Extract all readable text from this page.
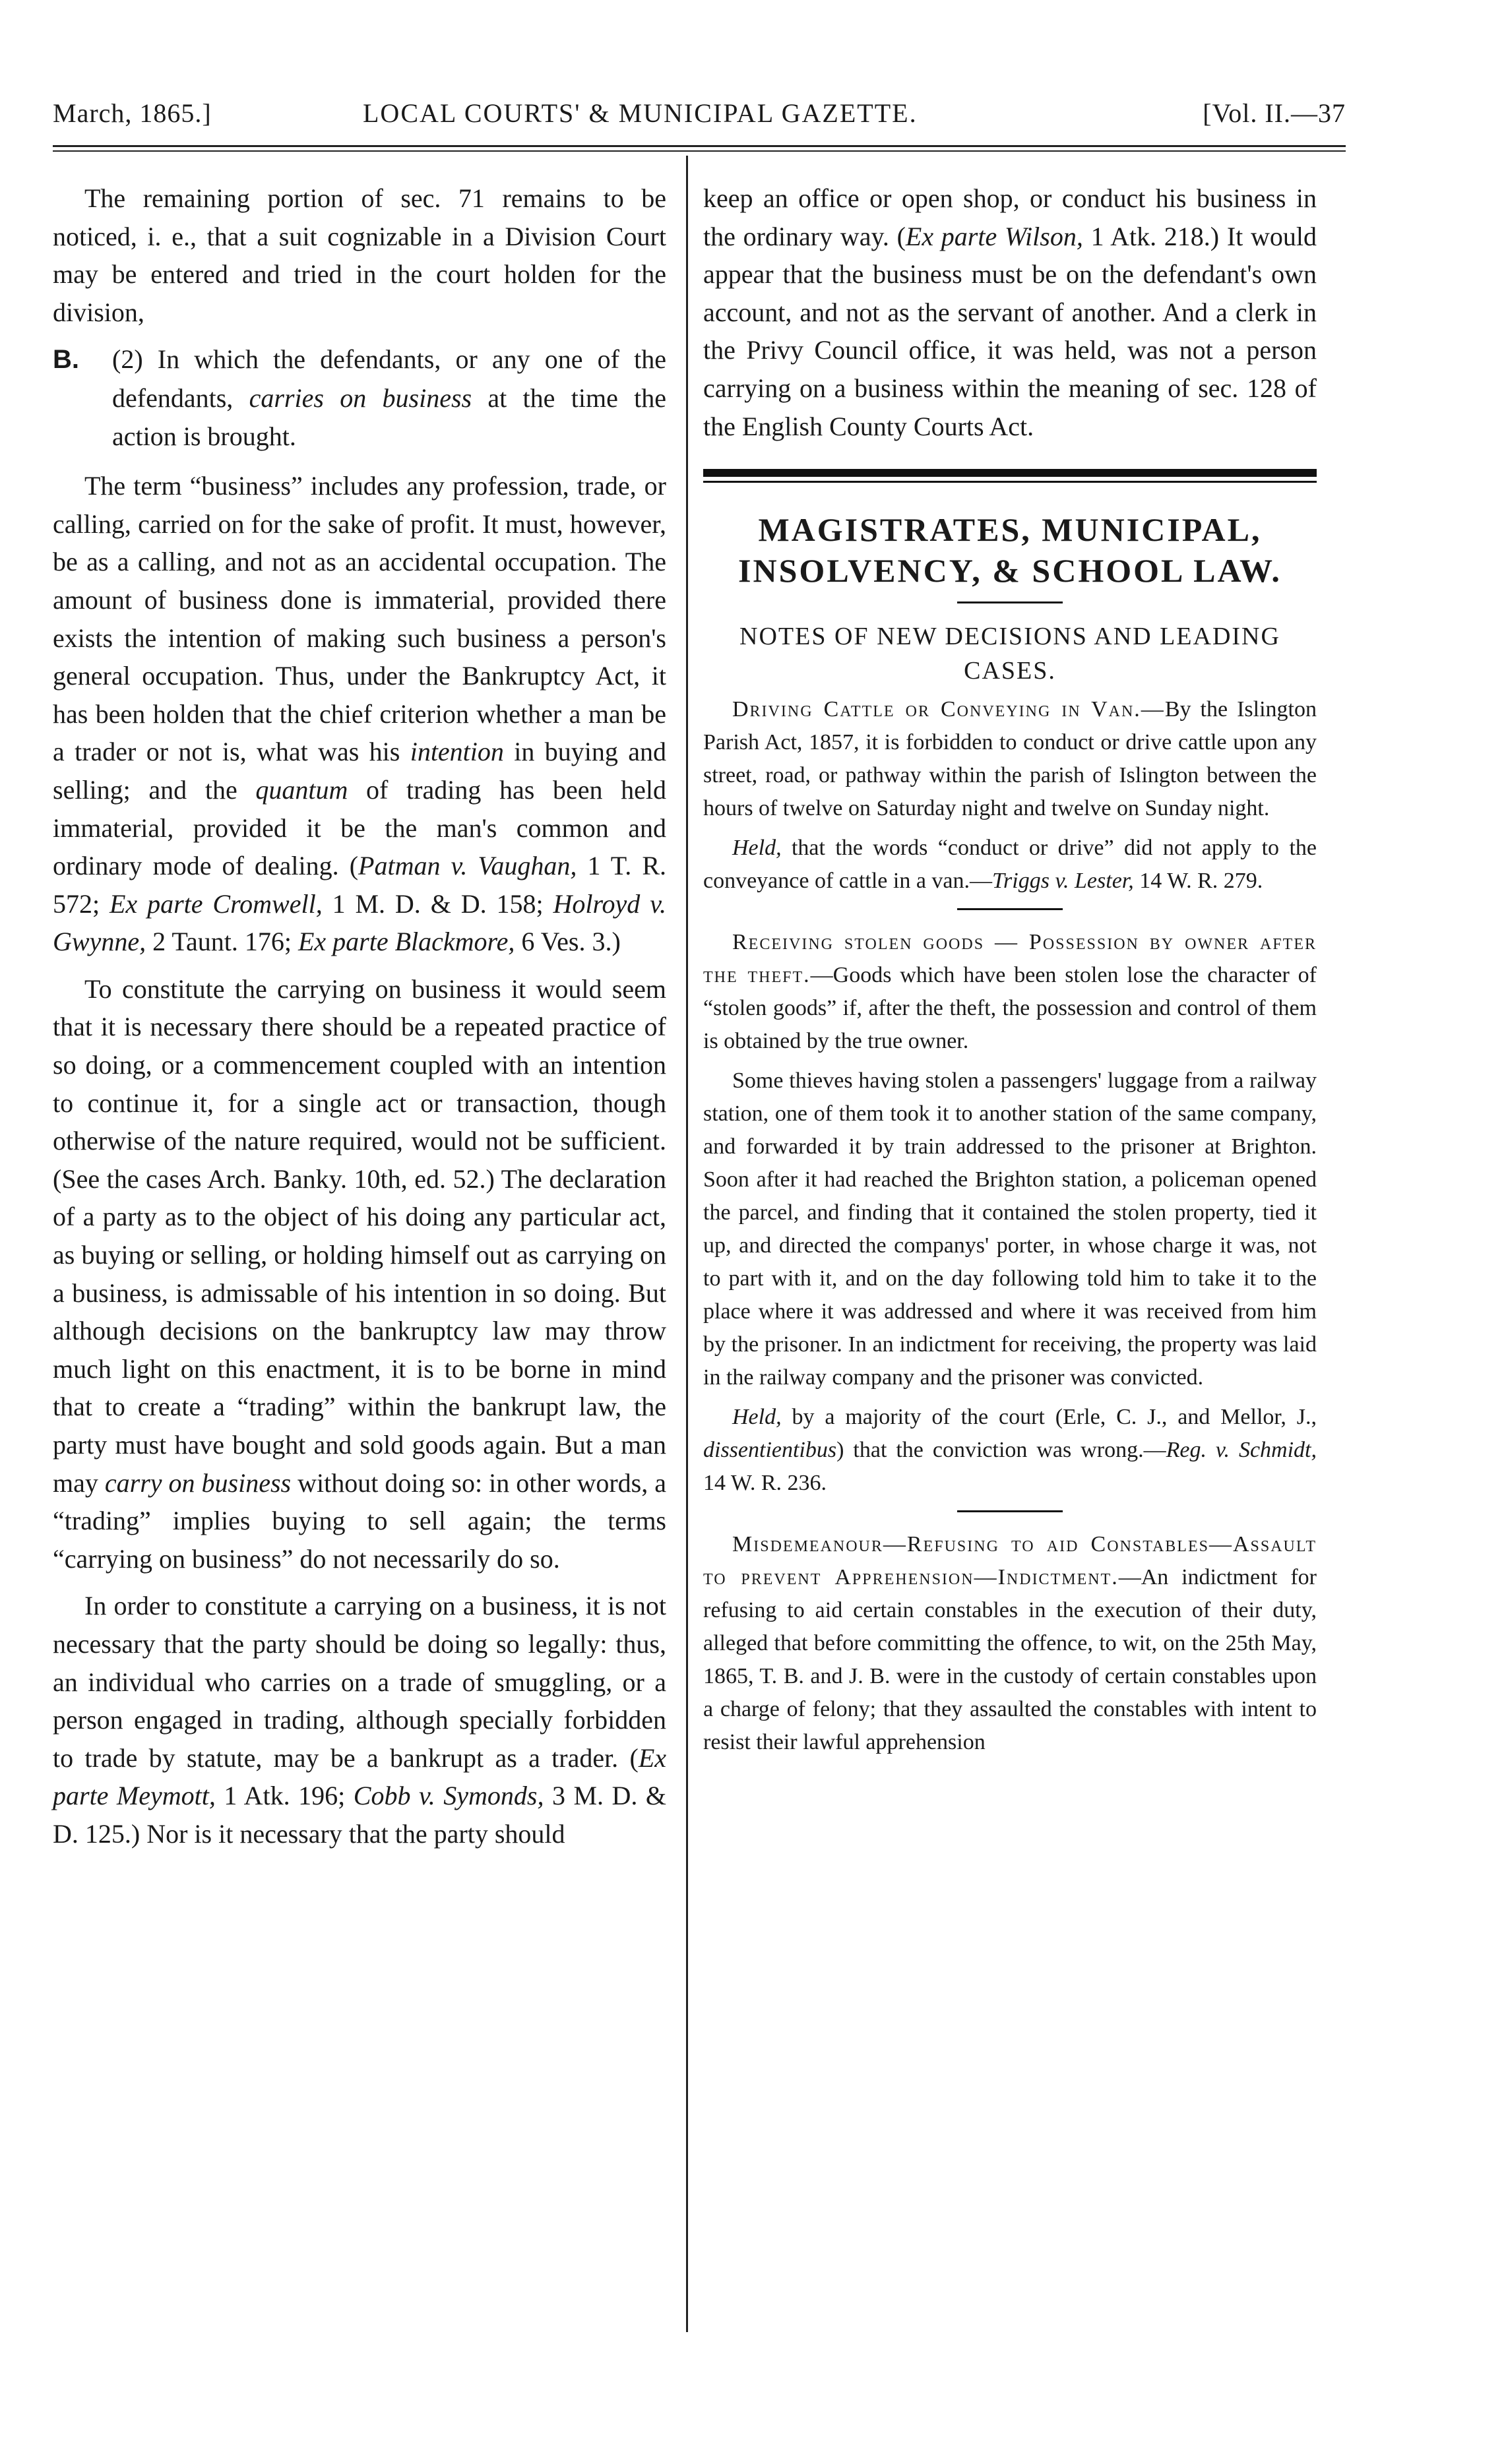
March, 1865.]	LOCAL COURTS' & MUNICIPAL GAZETTE.	[Vol. II.—37

The remaining portion of sec. 71 remains to be noticed, i. e., that a suit cognizable in a Division Court may be entered and tried in the court holden for the division,

B. (2) In which the defendants, or any one of the defendants, carries on business at the time the action is brought.

The term “business” includes any profession, trade, or calling, carried on for the sake of profit. It must, however, be as a calling, and not as an accidental occupation. The amount of business done is immaterial, provided there exists the intention of making such business a person's general occupation. Thus, under the Bankruptcy Act, it has been holden that the chief criterion whether a man be a trader or not is, what was his intention in buying and selling; and the quantum of trading has been held immaterial, provided it be the man's common and ordinary mode of dealing. (Patman v. Vaughan, 1 T. R. 572; Ex parte Cromwell, 1 M. D. & D. 158; Holroyd v. Gwynne, 2 Taunt. 176; Ex parte Blackmore, 6 Ves. 3.)

To constitute the carrying on business it would seem that it is necessary there should be a repeated practice of so doing, or a commencement coupled with an intention to continue it, for a single act or transaction, though otherwise of the nature required, would not be sufficient. (See the cases Arch. Banky. 10th, ed. 52.) The declaration of a party as to the object of his doing any particular act, as buying or selling, or holding himself out as carrying on a business, is admissable of his intention in so doing. But although decisions on the bankruptcy law may throw much light on this enactment, it is to be borne in mind that to create a “trading” within the bankrupt law, the party must have bought and sold goods again. But a man may carry on business without doing so: in other words, a “trading” implies buying to sell again; the terms “carrying on business” do not necessarily do so.

In order to constitute a carrying on a business, it is not necessary that the party should be doing so legally: thus, an individual who carries on a trade of smuggling, or a person engaged in trading, although specially forbidden to trade by statute, may be a bankrupt as a trader. (Ex parte Meymott, 1 Atk. 196; Cobb v. Symonds, 3 M. D. & D. 125.) Nor is it necessary that the party should

keep an office or open shop, or conduct his business in the ordinary way. (Ex parte Wilson, 1 Atk. 218.) It would appear that the business must be on the defendant's own account, and not as the servant of another. And a clerk in the Privy Council office, it was held, was not a person carrying on a business within the meaning of sec. 128 of the English County Courts Act.

MAGISTRATES, MUNICIPAL,
INSOLVENCY, & SCHOOL LAW.
NOTES OF NEW DECISIONS AND LEADING CASES.

Driving Cattle or Conveying in Van.—By the Islington Parish Act, 1857, it is forbidden to conduct or drive cattle upon any street, road, or pathway within the parish of Islington between the hours of twelve on Saturday night and twelve on Sunday night.

Held, that the words “conduct or drive” did not apply to the conveyance of cattle in a van.—Triggs v. Lester, 14 W. R. 279.

Receiving stolen goods — Possession by owner after the theft.—Goods which have been stolen lose the character of “stolen goods” if, after the theft, the possession and control of them is obtained by the true owner.

Some thieves having stolen a passengers' luggage from a railway station, one of them took it to another station of the same company, and forwarded it by train addressed to the prisoner at Brighton. Soon after it had reached the Brighton station, a policeman opened the parcel, and finding that it contained the stolen property, tied it up, and directed the companys' porter, in whose charge it was, not to part with it, and on the day following told him to take it to the place where it was addressed and where it was received from him by the prisoner. In an indictment for receiving, the property was laid in the railway company and the prisoner was convicted.

Held, by a majority of the court (Erle, C. J., and Mellor, J., dissentientibus) that the conviction was wrong.—Reg. v. Schmidt, 14 W. R. 236.

Misdemeanour—Refusing to aid Constables—Assault to prevent Apprehension—Indictment.—An indictment for refusing to aid certain constables in the execution of their duty, alleged that before committing the offence, to wit, on the 25th May, 1865, T. B. and J. B. were in the custody of certain constables upon a charge of felony; that they assaulted the constables with intent to resist their lawful apprehension
